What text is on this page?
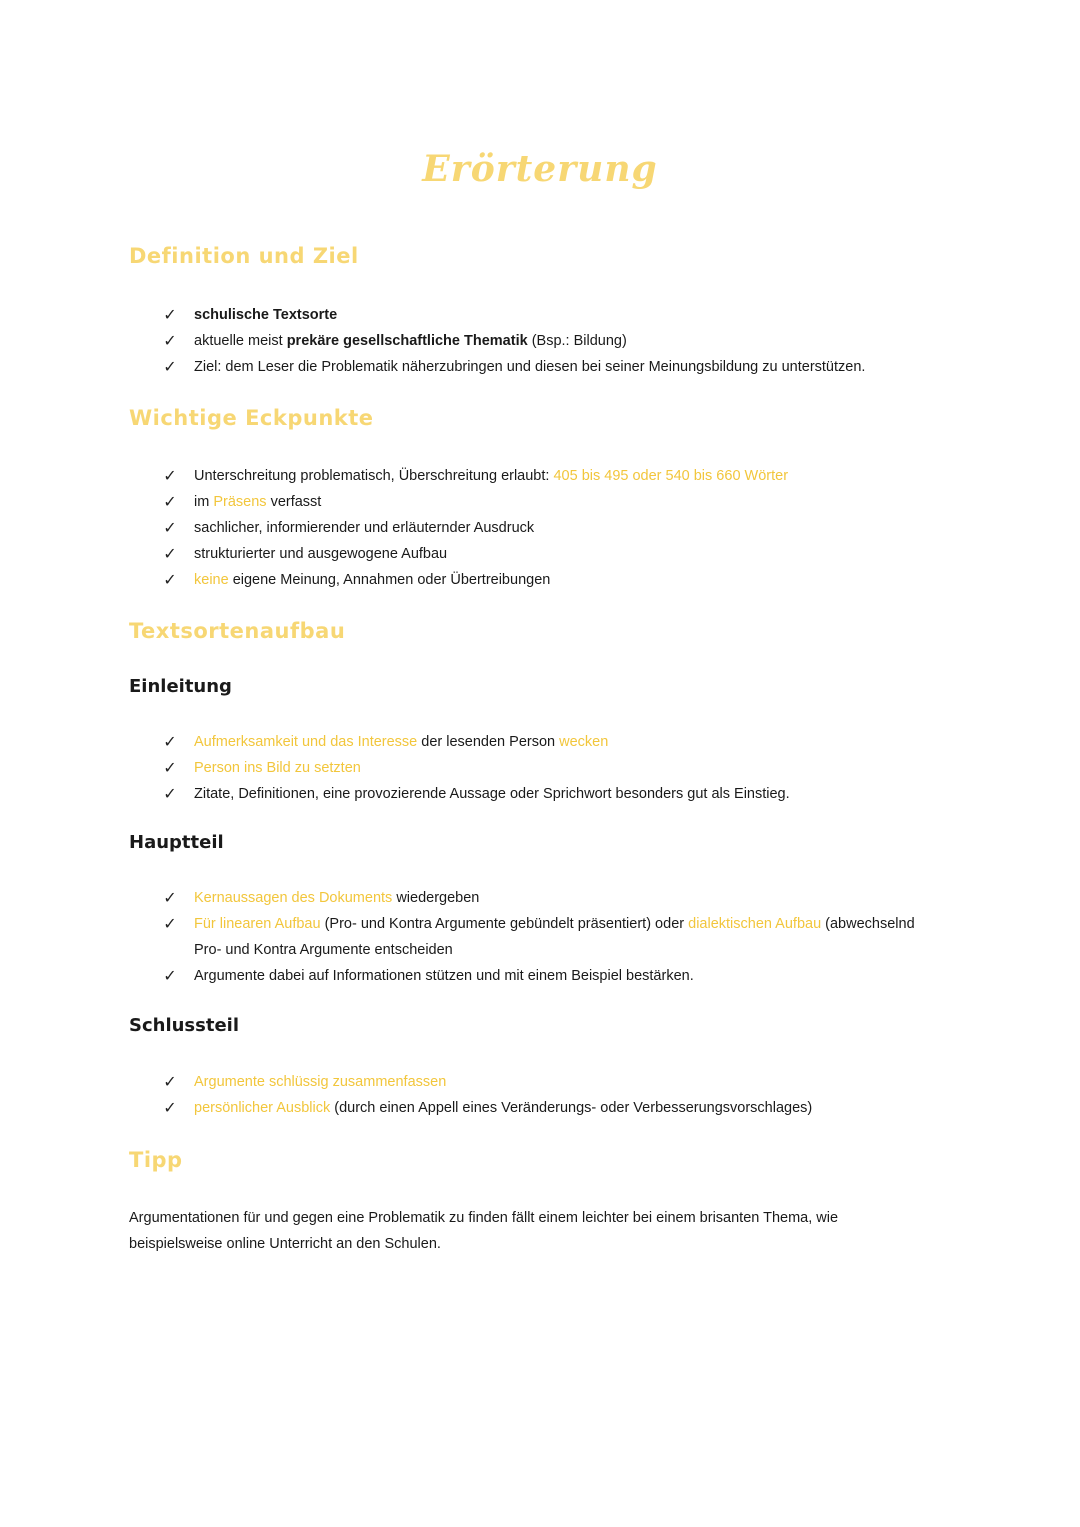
Erörterung
Definition und Ziel
✓ schulische Textsorte
✓ aktuelle meist prekäre gesellschaftliche Thematik (Bsp.: Bildung)
✓ Ziel: dem Leser die Problematik näherzubringen und diesen bei seiner Meinungsbildung zu unterstützen.
Wichtige Eckpunkte
✓ Unterschreitung problematisch, Überschreitung erlaubt: 405 bis 495 oder 540 bis 660 Wörter
✓ im Präsens verfasst
✓ sachlicher, informierender und erläuternder Ausdruck
✓ strukturierter und ausgewogene Aufbau
✓ keine eigene Meinung, Annahmen oder Übertreibungen
Textsortenaufbau
Einleitung
✓ Aufmerksamkeit und das Interesse der lesenden Person wecken
✓ Person ins Bild zu setzten
✓ Zitate, Definitionen, eine provozierende Aussage oder Sprichwort besonders gut als Einstieg.
Hauptteil
✓ Kernaussagen des Dokuments wiedergeben
✓ Für linearen Aufbau (Pro- und Kontra Argumente gebündelt präsentiert) oder dialektischen Aufbau (abwechselnd Pro- und Kontra Argumente entscheiden
✓ Argumente dabei auf Informationen stützen und mit einem Beispiel bestärken.
Schlussteil
✓ Argumente schlüssig zusammenfassen
✓ persönlicher Ausblick (durch einen Appell eines Veränderungs- oder Verbesserungsvorschlages)
Tipp
Argumentationen für und gegen eine Problematik zu finden fällt einem leichter bei einem brisanten Thema, wie beispielsweise online Unterricht an den Schulen.
